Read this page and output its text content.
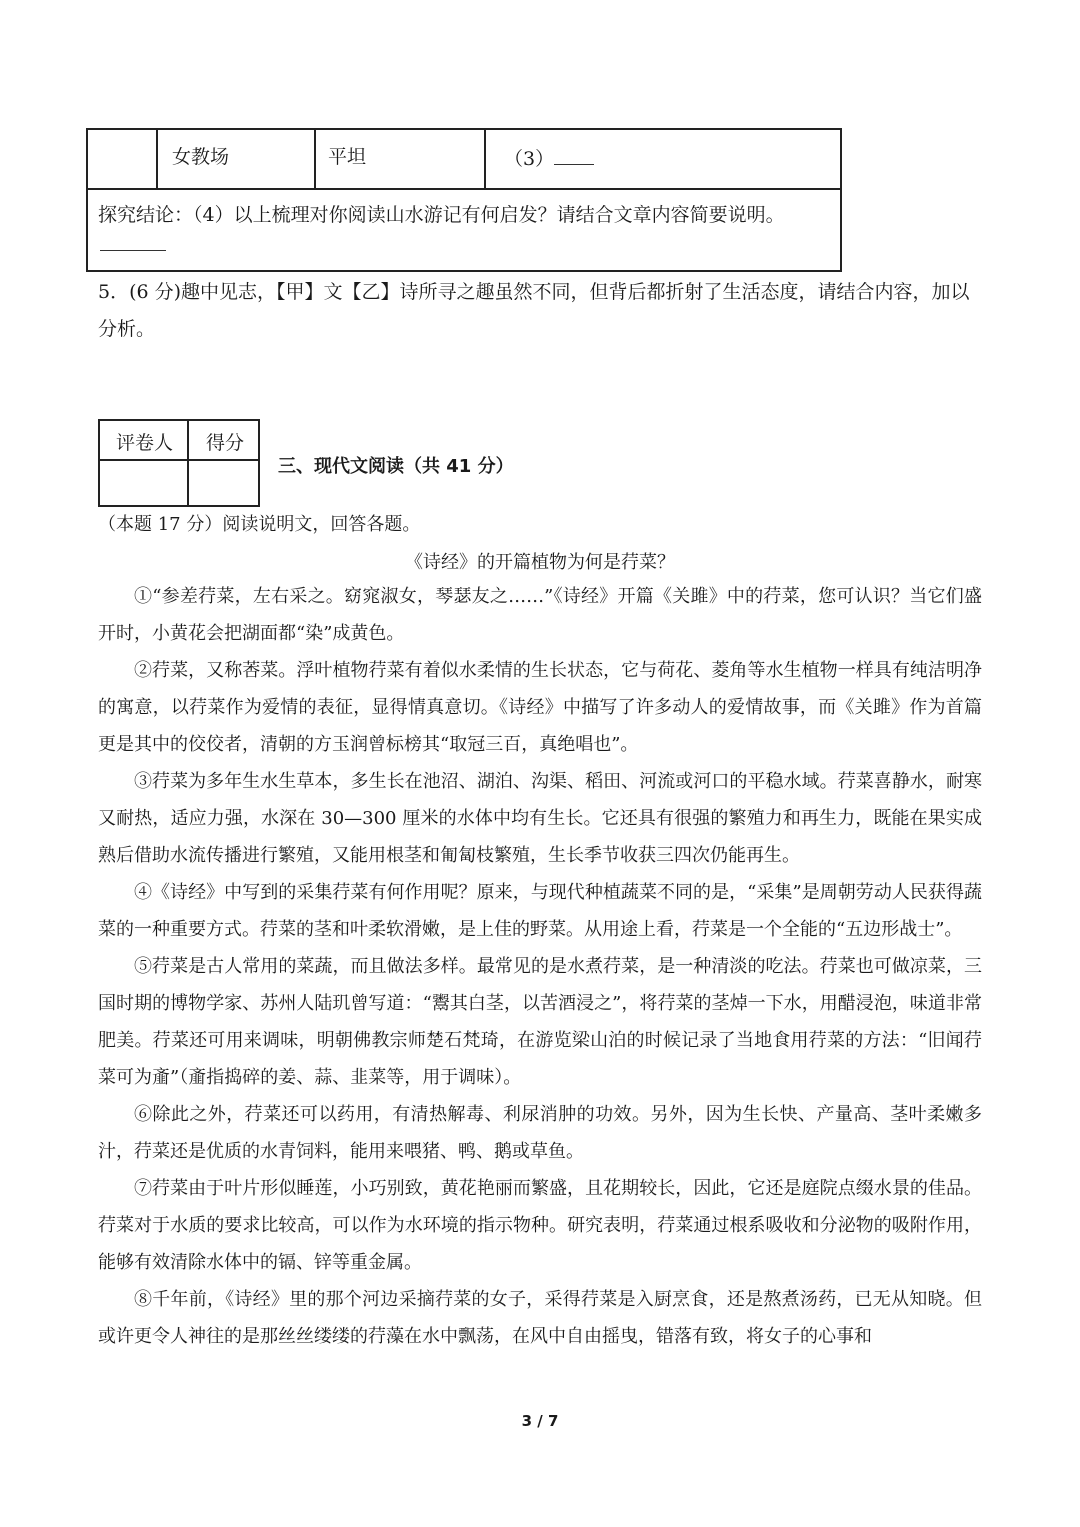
女教场	平坦	（3）
探究结论：（4）以上梳理对你阅读山水游记有何启发？请结合文章内容简要说明。
5．(6 分)趣中见志，【甲】文【乙】诗所寻之趣虽然不同，但背后都折射了生活态度，请结合内容，加以分析。
评卷人 得分
三、现代文阅读（共 41 分）
（本题 17 分）阅读说明文，回答各题。
《诗经》的开篇植物为何是荇菜？

①“参差荇菜，左右采之。窈窕淑女，琴瑟友之……”《诗经》开篇《关雎》中的荇菜，您可认识？当它们盛开时，小黄花会把湖面都“染”成黄色。

②荇菜，又称莕菜。浮叶植物荇菜有着似水柔情的生长状态，它与荷花、菱角等水生植物一样具有纯洁明净的寓意，以荇菜作为爱情的表征，显得情真意切。《诗经》中描写了许多动人的爱情故事，而《关雎》作为首篇更是其中的佼佼者，清朝的方玉润曾标榜其“取冠三百，真绝唱也”。

③荇菜为多年生水生草本，多生长在池沼、湖泊、沟渠、稻田、河流或河口的平稳水域。荇菜喜静水，耐寒又耐热，适应力强，水深在 30—300 厘米的水体中均有生长。它还具有很强的繁殖力和再生力，既能在果实成熟后借助水流传播进行繁殖，又能用根茎和匍匐枝繁殖，生长季节收获三四次仍能再生。

④《诗经》中写到的采集荇菜有何作用呢？原来，与现代种植蔬菜不同的是，“采集”是周朝劳动人民获得蔬菜的一种重要方式。荇菜的茎和叶柔软滑嫩，是上佳的野菜。从用途上看，荇菜是一个全能的“五边形战士”。

⑤荇菜是古人常用的菜蔬，而且做法多样。最常见的是水煮荇菜，是一种清淡的吃法。荇菜也可做凉菜，三国时期的博物学家、苏州人陆玑曾写道：“鬻其白茎，以苦酒浸之”，将荇菜的茎焯一下水，用醋浸泡，味道非常肥美。荇菜还可用来调味，明朝佛教宗师楚石梵琦，在游览梁山泊的时候记录了当地食用荇菜的方法：“旧闻荇菜可为齑”（齑指捣碎的姜、蒜、韭菜等，用于调味）。

⑥除此之外，荇菜还可以药用，有清热解毒、利尿消肿的功效。另外，因为生长快、产量高、茎叶柔嫩多汁，荇菜还是优质的水青饲料，能用来喂猪、鸭、鹅或草鱼。

⑦荇菜由于叶片形似睡莲，小巧别致，黄花艳丽而繁盛，且花期较长，因此，它还是庭院点缀水景的佳品。荇菜对于水质的要求比较高，可以作为水环境的指示物种。研究表明，荇菜通过根系吸收和分泌物的吸附作用，能够有效清除水体中的镉、锌等重金属。

⑧千年前，《诗经》里的那个河边采摘荇菜的女子，采得荇菜是入厨烹食，还是熬煮汤药，已无从知晓。但或许更令人神往的是那丝丝缕缕的荇藻在水中飘荡，在风中自由摇曳，错落有致，将女子的心事和

3 / 7
